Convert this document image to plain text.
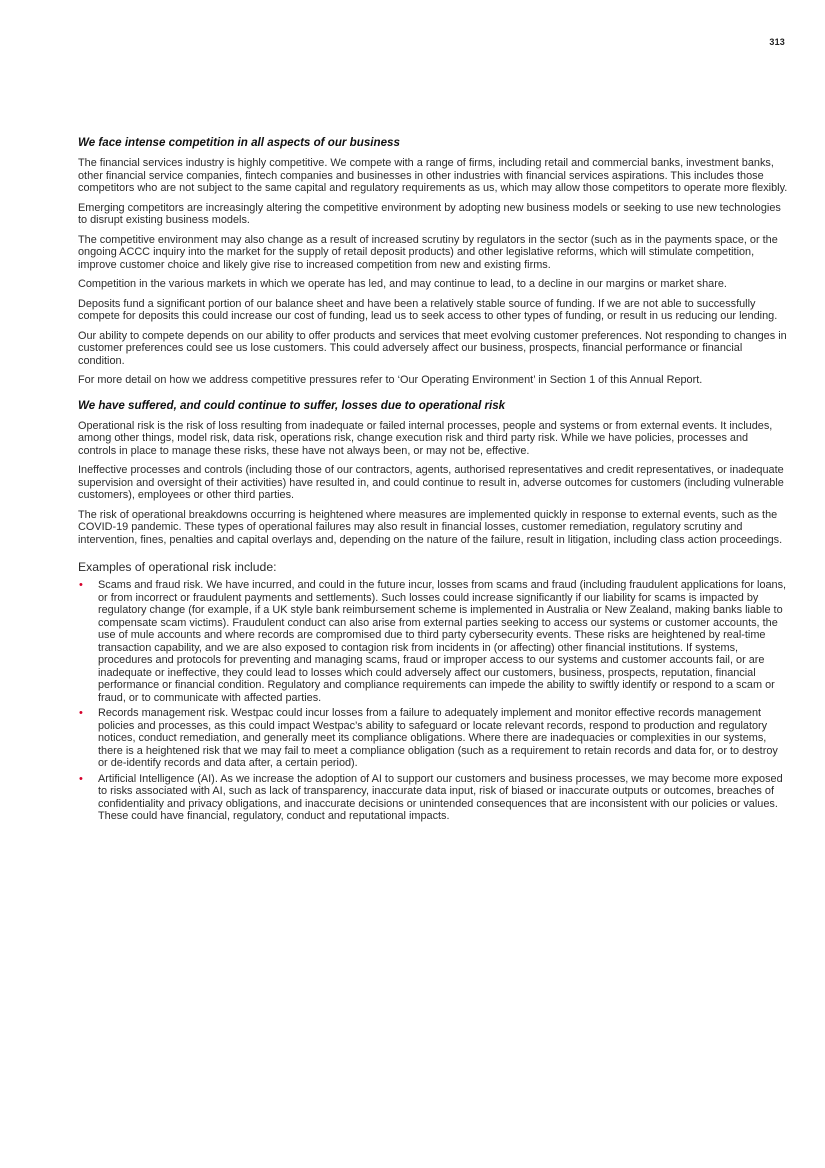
313
We face intense competition in all aspects of our business

The financial services industry is highly competitive. We compete with a range of firms, including retail and commercial banks, investment banks, other financial service companies, fintech companies and businesses in other industries with financial services aspirations. This includes those competitors who are not subject to the same capital and regulatory requirements as us, which may allow those competitors to operate more flexibly.

Emerging competitors are increasingly altering the competitive environment by adopting new business models or seeking to use new technologies to disrupt existing business models.

The competitive environment may also change as a result of increased scrutiny by regulators in the sector (such as in the payments space, or the ongoing ACCC inquiry into the market for the supply of retail deposit products) and other legislative reforms, which will stimulate competition, improve customer choice and likely give rise to increased competition from new and existing firms.

Competition in the various markets in which we operate has led, and may continue to lead, to a decline in our margins or market share.

Deposits fund a significant portion of our balance sheet and have been a relatively stable source of funding. If we are not able to successfully compete for deposits this could increase our cost of funding, lead us to seek access to other types of funding, or result in us reducing our lending.

Our ability to compete depends on our ability to offer products and services that meet evolving customer preferences. Not responding to changes in customer preferences could see us lose customers. This could adversely affect our business, prospects, financial performance or financial condition.

For more detail on how we address competitive pressures refer to ‘Our Operating Environment’ in Section 1 of this Annual Report.

We have suffered, and could continue to suffer, losses due to operational risk

Operational risk is the risk of loss resulting from inadequate or failed internal processes, people and systems or from external events. It includes, among other things, model risk, data risk, operations risk, change execution risk and third party risk. While we have policies, processes and controls in place to manage these risks, these have not always been, or may not be, effective.

Ineffective processes and controls (including those of our contractors, agents, authorised representatives and credit representatives, or inadequate supervision and oversight of their activities) have resulted in, and could continue to result in, adverse outcomes for customers (including vulnerable customers), employees or other third parties.

The risk of operational breakdowns occurring is heightened where measures are implemented quickly in response to external events, such as the COVID-19 pandemic. These types of operational failures may also result in financial losses, customer remediation, regulatory scrutiny and intervention, fines, penalties and capital overlays and, depending on the nature of the failure, result in litigation, including class action proceedings.

Examples of operational risk include:
• Scams and fraud risk. We have incurred, and could in the future incur, losses from scams and fraud (including fraudulent applications for loans, or from incorrect or fraudulent payments and settlements). Such losses could increase significantly if our liability for scams is impacted by regulatory change (for example, if a UK style bank reimbursement scheme is implemented in Australia or New Zealand, making banks liable to compensate scam victims). Fraudulent conduct can also arise from external parties seeking to access our systems or customer accounts, the use of mule accounts and where records are compromised due to third party cybersecurity events. These risks are heightened by real-time transaction capability, and we are also exposed to contagion risk from incidents in (or affecting) other financial institutions. If systems, procedures and protocols for preventing and managing scams, fraud or improper access to our systems and customer accounts fail, or are inadequate or ineffective, they could lead to losses which could adversely affect our customers, business, prospects, reputation, financial performance or financial condition. Regulatory and compliance requirements can impede the ability to swiftly identify or respond to a scam or fraud, or to communicate with affected parties.
• Records management risk. Westpac could incur losses from a failure to adequately implement and monitor effective records management policies and processes, as this could impact Westpac’s ability to safeguard or locate relevant records, respond to production and regulatory notices, conduct remediation, and generally meet its compliance obligations. Where there are inadequacies or complexities in our systems, there is a heightened risk that we may fail to meet a compliance obligation (such as a requirement to retain records and data for, or to destroy or de-identify records and data after, a certain period).
• Artificial Intelligence (AI). As we increase the adoption of AI to support our customers and business processes, we may become more exposed to risks associated with AI, such as lack of transparency, inaccurate data input, risk of biased or inaccurate outputs or outcomes, breaches of confidentiality and privacy obligations, and inaccurate decisions or unintended consequences that are inconsistent with our policies or values. These could have financial, regulatory, conduct and reputational impacts.
